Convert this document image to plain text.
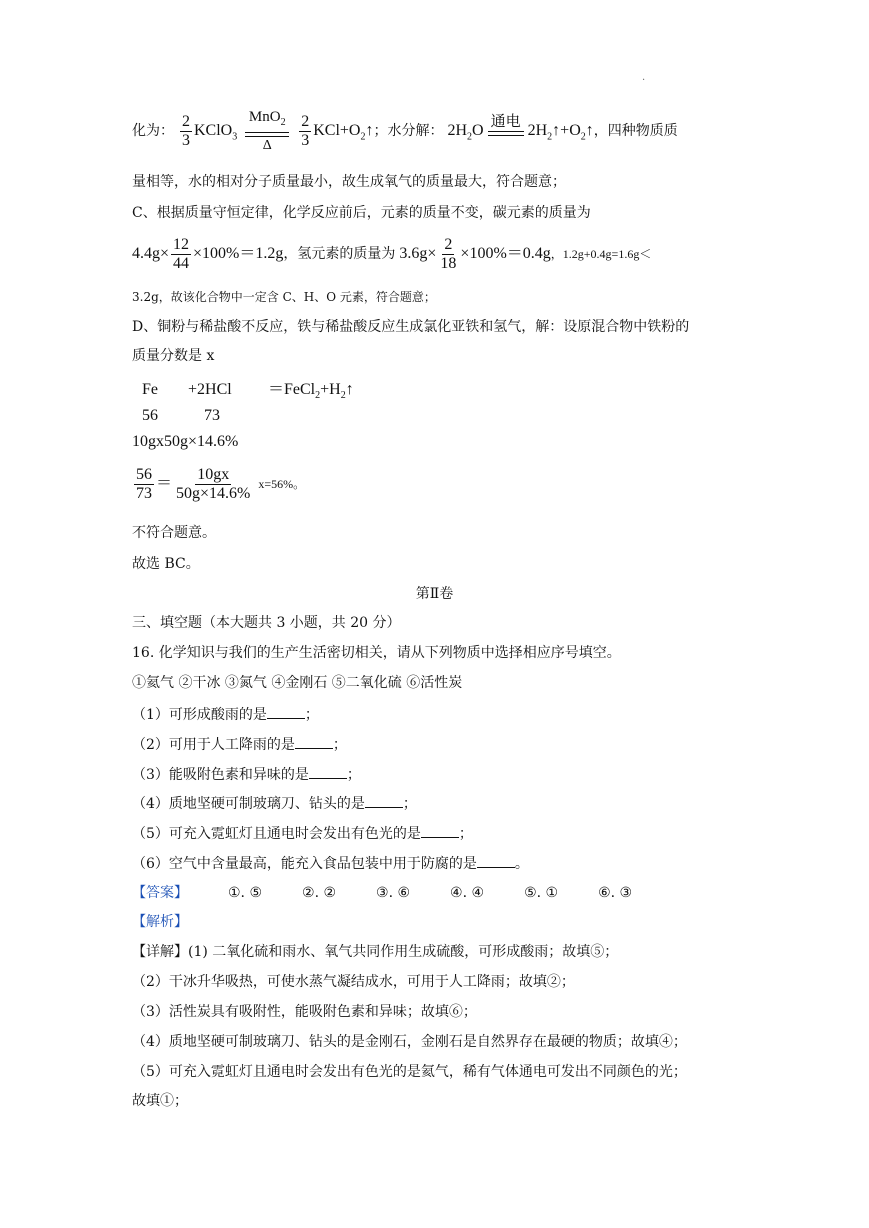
.
化为： $\frac{2}{3}$ KClO$_3$
MnO$_2$
Δ
$\frac{2}{3}$ $KCl+O_2↑$；水分解： $2H_2O$
通电
$2H_2↑+O_2↑$，四种物质质
量相等，水的相对分子质量最小，故生成氧气的质量最大，符合题意；
C、根据质量守恒定律，化学反应前后，元素的质量不变，碳元素的质量为
$4.4g\times \frac{12}{44} \times 100\%=1.2g$，氢元素的质量为 $3.6g\times \frac{2}{18} \times 100\%=0.4g$，1.2g+0.4g=1.6g＜
3.2g，故该化合物中一定含 C、H、O 元素，符合题意；
D、铜粉与稀盐酸不反应，铁与稀盐酸反应生成氯化亚铁和氢气，解：设原混合物中铁粉的
质量分数是 x
$Fe +2HCl =FeCl_2+H_2↑$
56	73
10gx50g×14.6%
$\frac{56}{73} = \frac{10gx}{50g\times 14.6\%} x=56\%$。
不符合题意。
故选 BC。
第Ⅱ卷
三、填空题（本大题共 3 小题，共 20 分）
16. 化学知识与我们的生产生活密切相关，请从下列物质中选择相应序号填空。
①氦气 ②干冰 ③氮气 ④金刚石 ⑤二氧化硫 ⑥活性炭
（1）可形成酸雨的是	；
（2）可用于人工降雨的是	；
（3）能吸附色素和异味的是	；
（4）质地坚硬可制玻璃刀、钻头的是	；
（5）可充入霓虹灯且通电时会发出有色光的是	；
（6）空气中含量最高，能充入食品包装中用于防腐的是	。
【答案】	①. ⑤	②. ②	③. ⑥	④. ④	⑤. ①	⑥. ③
【解析】
【详解】(1) 二氧化硫和雨水、氧气共同作用生成硫酸，可形成酸雨；故填⑤；
（2）干冰升华吸热，可使水蒸气凝结成水，可用于人工降雨；故填②；
（3）活性炭具有吸附性，能吸附色素和异味；故填⑥；
（4）质地坚硬可制玻璃刀、钻头的是金刚石，金刚石是自然界存在最硬的物质；故填④；
（5）可充入霓虹灯且通电时会发出有色光的是氦气，稀有气体通电可发出不同颜色的光；
故填①；
